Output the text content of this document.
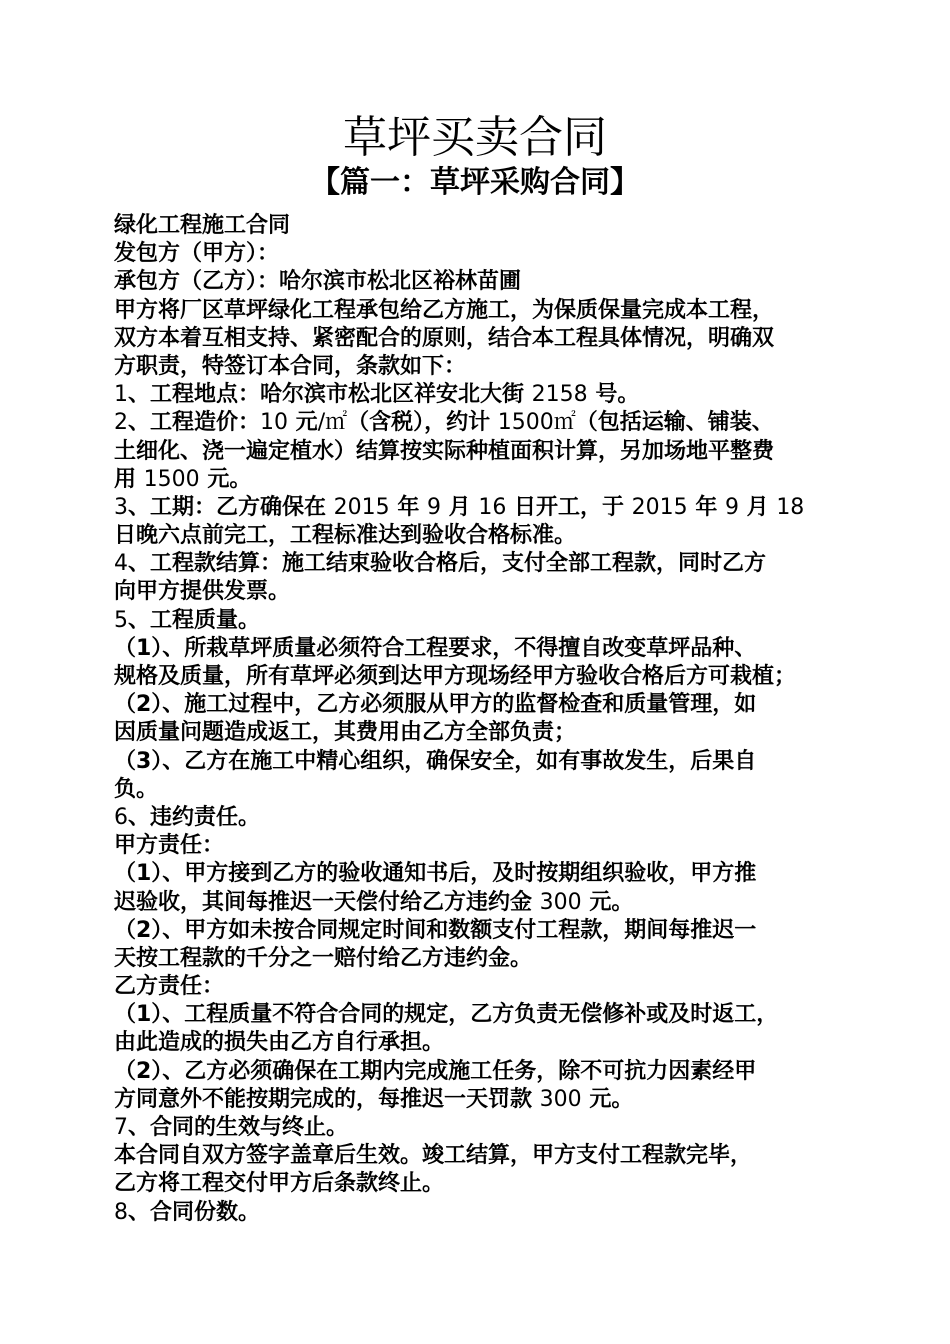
草坪买卖合同
【篇一：草坪采购合同】
绿化工程施工合同
发包方（甲方）：
承包方（乙方）：哈尔滨市松北区裕林苗圃
甲方将厂区草坪绿化工程承包给乙方施工，为保质保量完成本工程，
双方本着互相支持、紧密配合的原则，结合本工程具体情况，明确双
方职责，特签订本合同，条款如下：
1、工程地点：哈尔滨市松北区祥安北大街 2158 号。
2、工程造价：10 元/㎡（含税），约计 1500㎡（包括运输、铺装、
土细化、浇一遍定植水）结算按实际种植面积计算，另加场地平整费
用 1500 元。
3、工期：乙方确保在 2015 年 9 月 16 日开工，于 2015 年 9 月 18
日晚六点前完工，工程标准达到验收合格标准。
4、工程款结算：施工结束验收合格后，支付全部工程款，同时乙方
向甲方提供发票。
5、工程质量。
（1）、所栽草坪质量必须符合工程要求，不得擅自改变草坪品种、
规格及质量，所有草坪必须到达甲方现场经甲方验收合格后方可栽植；
（2）、施工过程中，乙方必须服从甲方的监督检查和质量管理，如
因质量问题造成返工，其费用由乙方全部负责；
（3）、乙方在施工中精心组织，确保安全，如有事故发生，后果自
负。
6、违约责任。
甲方责任：
（1）、甲方接到乙方的验收通知书后，及时按期组织验收，甲方推
迟验收，其间每推迟一天偿付给乙方违约金 300 元。
（2）、甲方如未按合同规定时间和数额支付工程款，期间每推迟一
天按工程款的千分之一赔付给乙方违约金。
乙方责任：
（1）、工程质量不符合合同的规定，乙方负责无偿修补或及时返工，
由此造成的损失由乙方自行承担。
（2）、乙方必须确保在工期内完成施工任务，除不可抗力因素经甲
方同意外不能按期完成的，每推迟一天罚款 300 元。
7、合同的生效与终止。
本合同自双方签字盖章后生效。竣工结算，甲方支付工程款完毕，
乙方将工程交付甲方后条款终止。
8、合同份数。
